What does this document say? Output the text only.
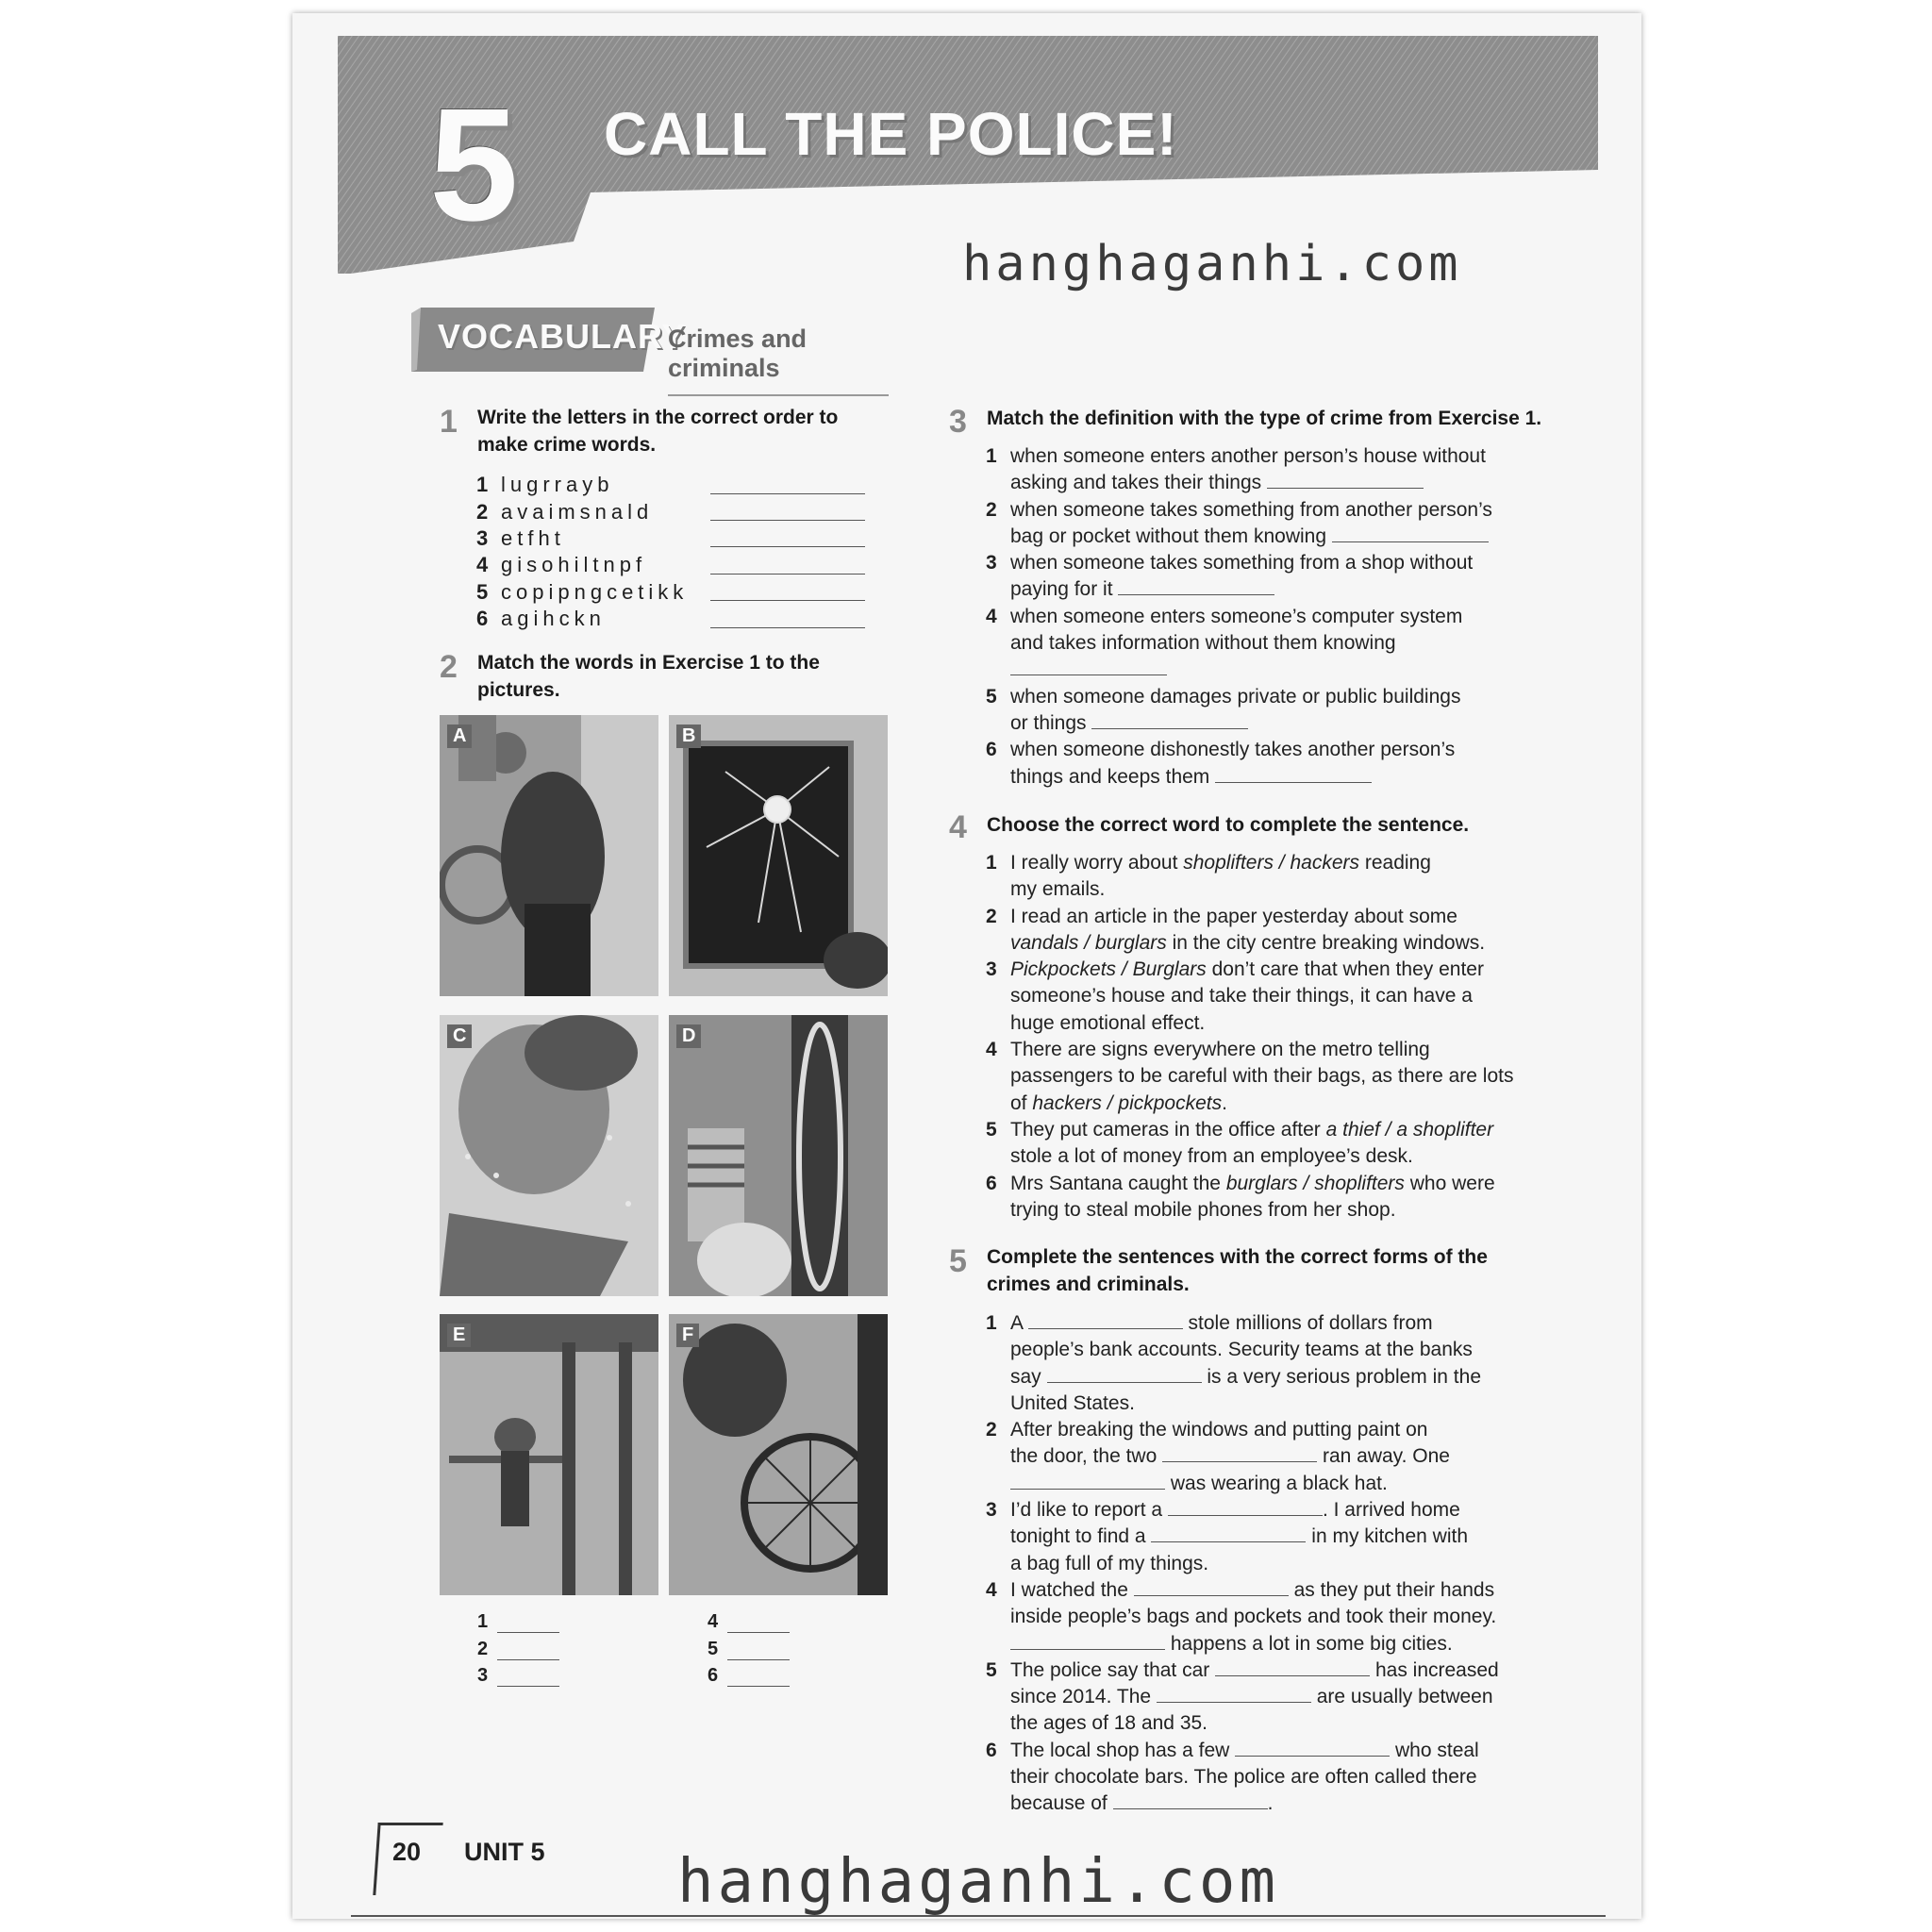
5 CALL THE POLICE!
hanghaganhi.com
VOCABULARY
Crimes and criminals
1 Write the letters in the correct order to make crime words.
1 lugrrayb
2 avaimsnald
3 etfht
4 gisohiltnpf
5 copipngcetikk
6 agihckn
2 Match the words in Exercise 1 to the pictures.
A	B
C	D
E	F
1
2
3
4
5
6
3 Match the definition with the type of crime from Exercise 1.
1 when someone enters another person’s house without
asking and takes their things
2 when someone takes something from another person’s
bag or pocket without them knowing
3 when someone takes something from a shop without
paying for it
4 when someone enters someone’s computer system
and takes information without them knowing

5 when someone damages private or public buildings
or things
6 when someone dishonestly takes another person’s
things and keeps them
4 Choose the correct word to complete the sentence.
1 I really worry about shoplifters / hackers reading
my emails.
2 I read an article in the paper yesterday about some
vandals / burglars in the city centre breaking windows.
3 Pickpockets / Burglars don’t care that when they enter
someone’s house and take their things, it can have a
huge emotional effect.
4 There are signs everywhere on the metro telling
passengers to be careful with their bags, as there are lots
of hackers / pickpockets.
5 They put cameras in the office after a thief / a shoplifter
stole a lot of money from an employee’s desk.
6 Mrs Santana caught the burglars / shoplifters who were
trying to steal mobile phones from her shop.
5 Complete the sentences with the correct forms of the crimes and criminals.
1 A	stole millions of dollars from
people’s bank accounts. Security teams at the banks
say	is a very serious problem in the
United States.
2 After breaking the windows and putting paint on
the door, the two	ran away. One
was wearing a black hat.
3 I’d like to report a	. I arrived home
tonight to find a	in my kitchen with
a bag full of my things.
4 I watched the	as they put their hands
inside people’s bags and pockets and took their money.
happens a lot in some big cities.
5 The police say that car	has increased
since 2014. The	are usually between
the ages of 18 and 35.
6 The local shop has a few	who steal
their chocolate bars. The police are often called there
because of	.
20 UNIT 5 hanghaganhi.com
